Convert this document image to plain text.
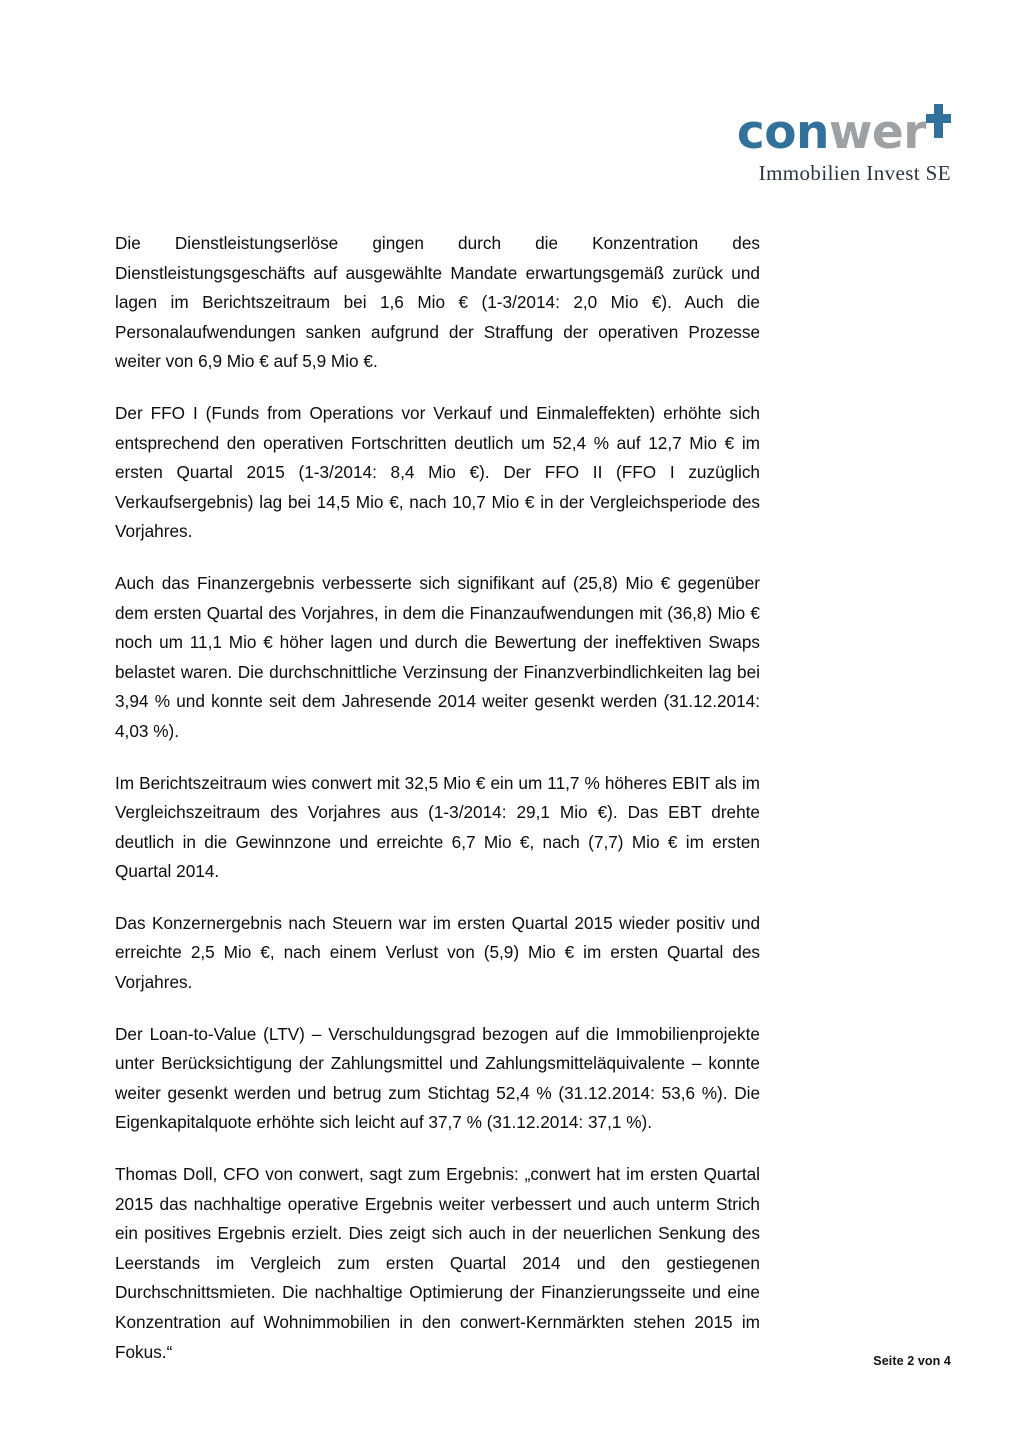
conwer
Immobilien Invest SE

Die Dienstleistungserlöse gingen durch die Konzentration des Dienstleistungsgeschäfts auf ausgewählte Mandate erwartungsgemäß zurück und lagen im Berichtszeitraum bei 1,6 Mio € (1-3/2014: 2,0 Mio €). Auch die Personalaufwendungen sanken aufgrund der Straffung der operativen Prozesse weiter von 6,9 Mio € auf 5,9 Mio €.

Der FFO I (Funds from Operations vor Verkauf und Einmaleffekten) erhöhte sich entsprechend den operativen Fortschritten deutlich um 52,4 % auf 12,7 Mio € im ersten Quartal 2015 (1-3/2014: 8,4 Mio €). Der FFO II (FFO I zuzüglich Verkaufsergebnis) lag bei 14,5 Mio €, nach 10,7 Mio € in der Vergleichsperiode des Vorjahres.

Auch das Finanzergebnis verbesserte sich signifikant auf (25,8) Mio € gegenüber dem ersten Quartal des Vorjahres, in dem die Finanzaufwendungen mit (36,8) Mio € noch um 11,1 Mio € höher lagen und durch die Bewertung der ineffektiven Swaps belastet waren. Die durchschnittliche Verzinsung der Finanzverbindlichkeiten lag bei 3,94 % und konnte seit dem Jahresende 2014 weiter gesenkt werden (31.12.2014: 4,03 %).

Im Berichtszeitraum wies conwert mit 32,5 Mio € ein um 11,7 % höheres EBIT als im Vergleichszeitraum des Vorjahres aus (1-3/2014: 29,1 Mio €). Das EBT drehte deutlich in die Gewinnzone und erreichte 6,7 Mio €, nach (7,7) Mio € im ersten Quartal 2014.

Das Konzernergebnis nach Steuern war im ersten Quartal 2015 wieder positiv und erreichte 2,5 Mio €, nach einem Verlust von (5,9) Mio € im ersten Quartal des Vorjahres.

Der Loan-to-Value (LTV) – Verschuldungsgrad bezogen auf die Immobilienprojekte unter Berücksichtigung der Zahlungsmittel und Zahlungsmitteläquivalente – konnte weiter gesenkt werden und betrug zum Stichtag 52,4 % (31.12.2014: 53,6 %). Die Eigenkapitalquote erhöhte sich leicht auf 37,7 % (31.12.2014: 37,1 %).

Thomas Doll, CFO von conwert, sagt zum Ergebnis: „conwert hat im ersten Quartal 2015 das nachhaltige operative Ergebnis weiter verbessert und auch unterm Strich ein positives Ergebnis erzielt. Dies zeigt sich auch in der neuerlichen Senkung des Leerstands im Vergleich zum ersten Quartal 2014 und den gestiegenen Durchschnittsmieten. Die nachhaltige Optimierung der Finanzierungsseite und eine Konzentration auf Wohnimmobilien in den conwert-Kernmärkten stehen 2015 im Fokus.“	Seite 2 von 4
